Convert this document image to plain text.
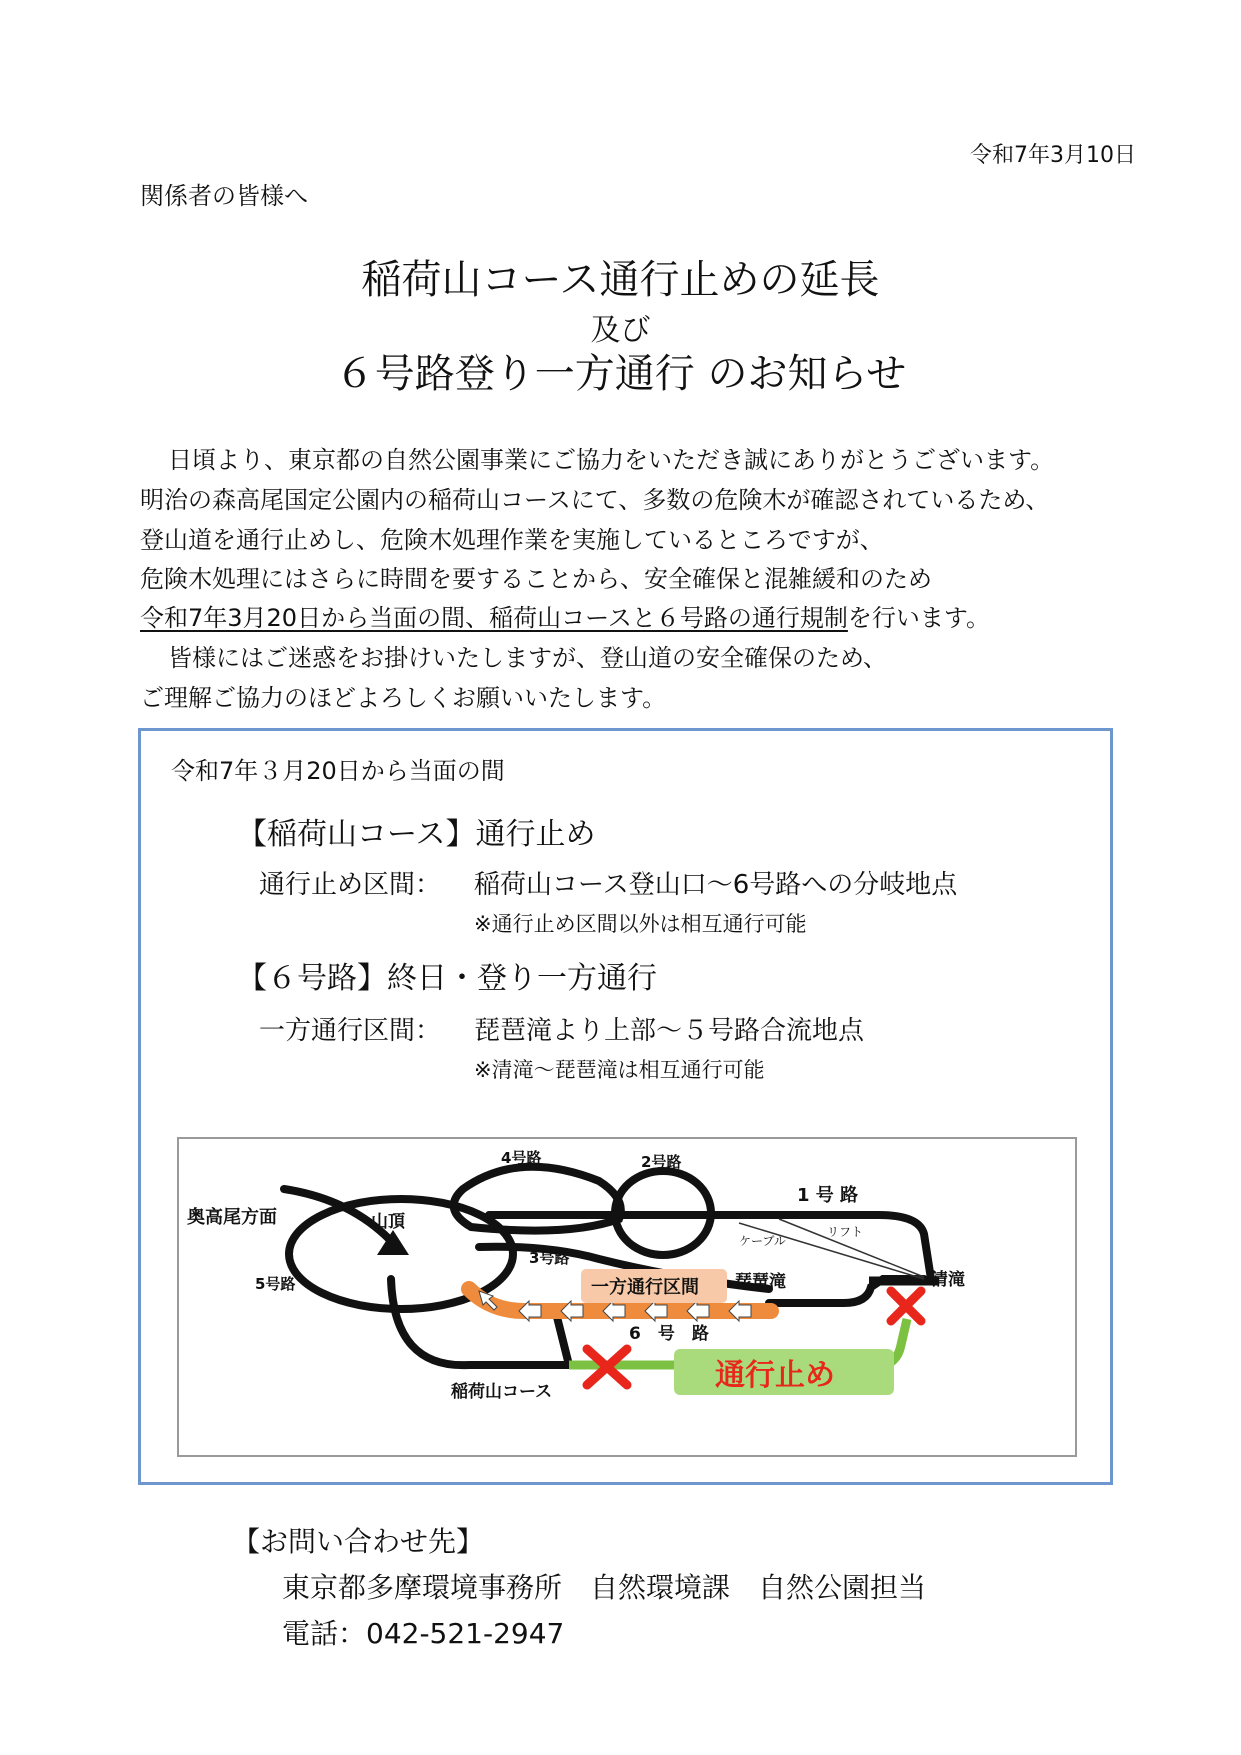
令和7年3月10日
関係者の皆様へ
稲荷山コース通行止めの延長
及び
６号路登り一方通行 のお知らせ

日頃より、東京都の自然公園事業にご協力をいただき誠にありがとうございます。

明治の森高尾国定公園内の稲荷山コースにて、多数の危険木が確認されているため、

登山道を通行止めし、危険木処理作業を実施しているところですが、

危険木処理にはさらに時間を要することから、安全確保と混雑緩和のため

令和7年3月20日から当面の間、稲荷山コースと６号路の通行規制を行います。

皆様にはご迷惑をお掛けいたしますが、登山道の安全確保のため、

ご理解ご協力のほどよろしくお願いいたします。

令和7年３月20日から当面の間
【稲荷山コース】通行止め
通行止め区間： 稲荷山コース登山口～6号路への分岐地点
※通行止め区間以外は相互通行可能
【６号路】終日・登り一方通行
一方通行区間： 琵琶滝より上部～５号路合流地点
※清滝～琵琶滝は相互通行可能
奥高尾方面	山頂
1 号 路
2号路
3号路
4号路
5号路
6　号　路
ケーブル
リフト
清滝
琵琶滝
稲荷山コース
一方通行区間
通行止め
【お問い合わせ先】
東京都多摩環境事務所　自然環境課　自然公園担当
電話：042-521-2947
